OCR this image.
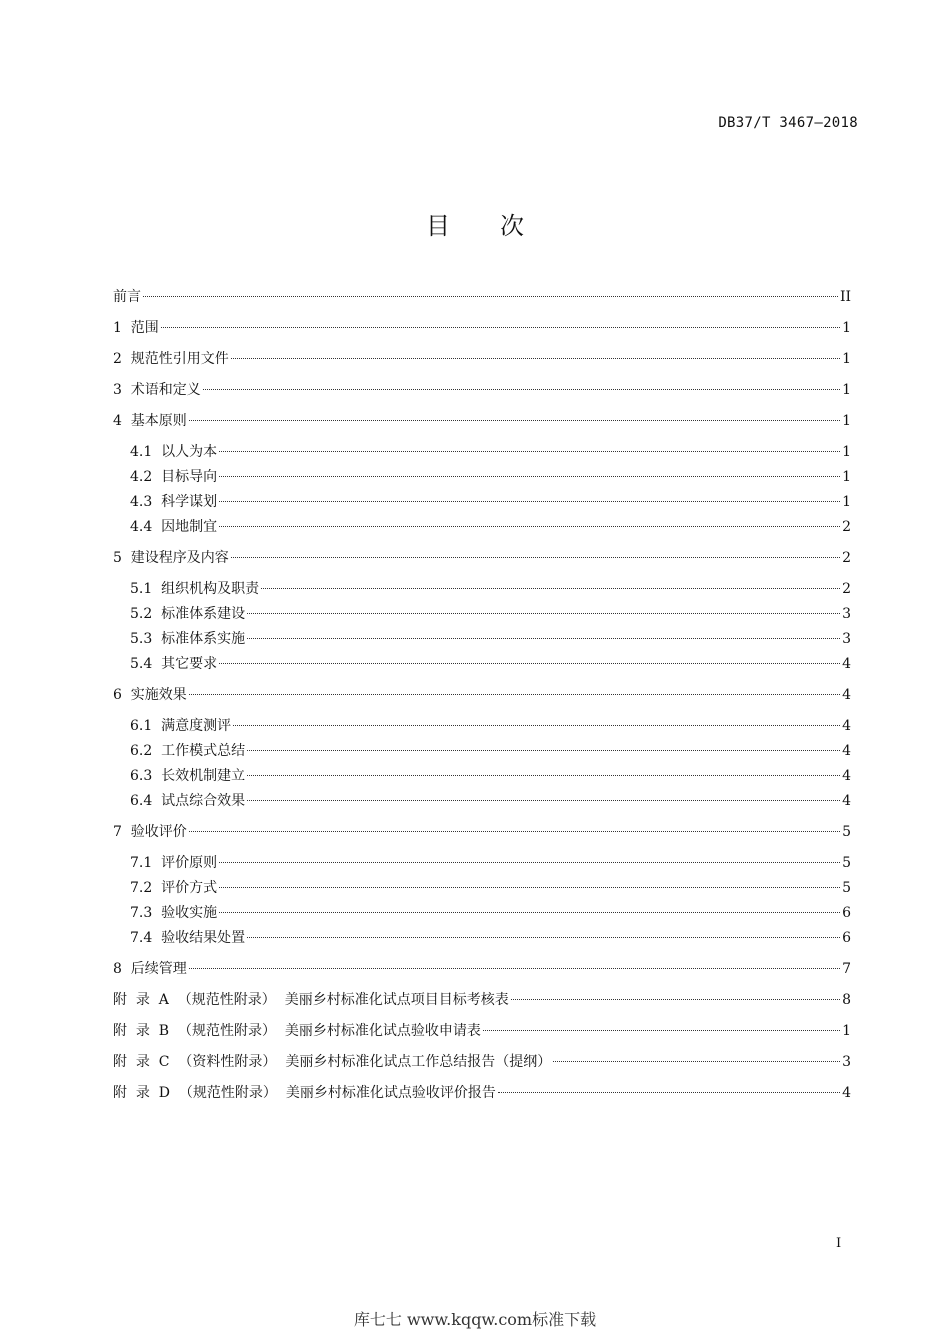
DB37/T 3467—2018
目次
前言	II
1  范围	1
2  规范性引用文件	1
3  术语和定义	1
4  基本原则	1
4.1  以人为本	1
4.2  目标导向	1
4.3  科学谋划	1
4.4  因地制宜	2
5  建设程序及内容	2
5.1  组织机构及职责	2
5.2  标准体系建设	3
5.3  标准体系实施	3
5.4  其它要求	4
6  实施效果	4
6.1  满意度测评	4
6.2  工作模式总结	4
6.3  长效机制建立	4
6.4  试点综合效果	4
7  验收评价	5
7.1  评价原则	5
7.2  评价方式	5
7.3  验收实施	6
7.4  验收结果处置	6
8  后续管理	7
附  录  A  （规范性附录）  美丽乡村标准化试点项目目标考核表	8
附  录  B  （规范性附录）  美丽乡村标准化试点验收申请表	1
附  录  C  （资料性附录）  美丽乡村标准化试点工作总结报告（提纲）	3
附  录  D  （规范性附录）  美丽乡村标准化试点验收评价报告	4
I
库七七 www.kqqw.com标准下载
